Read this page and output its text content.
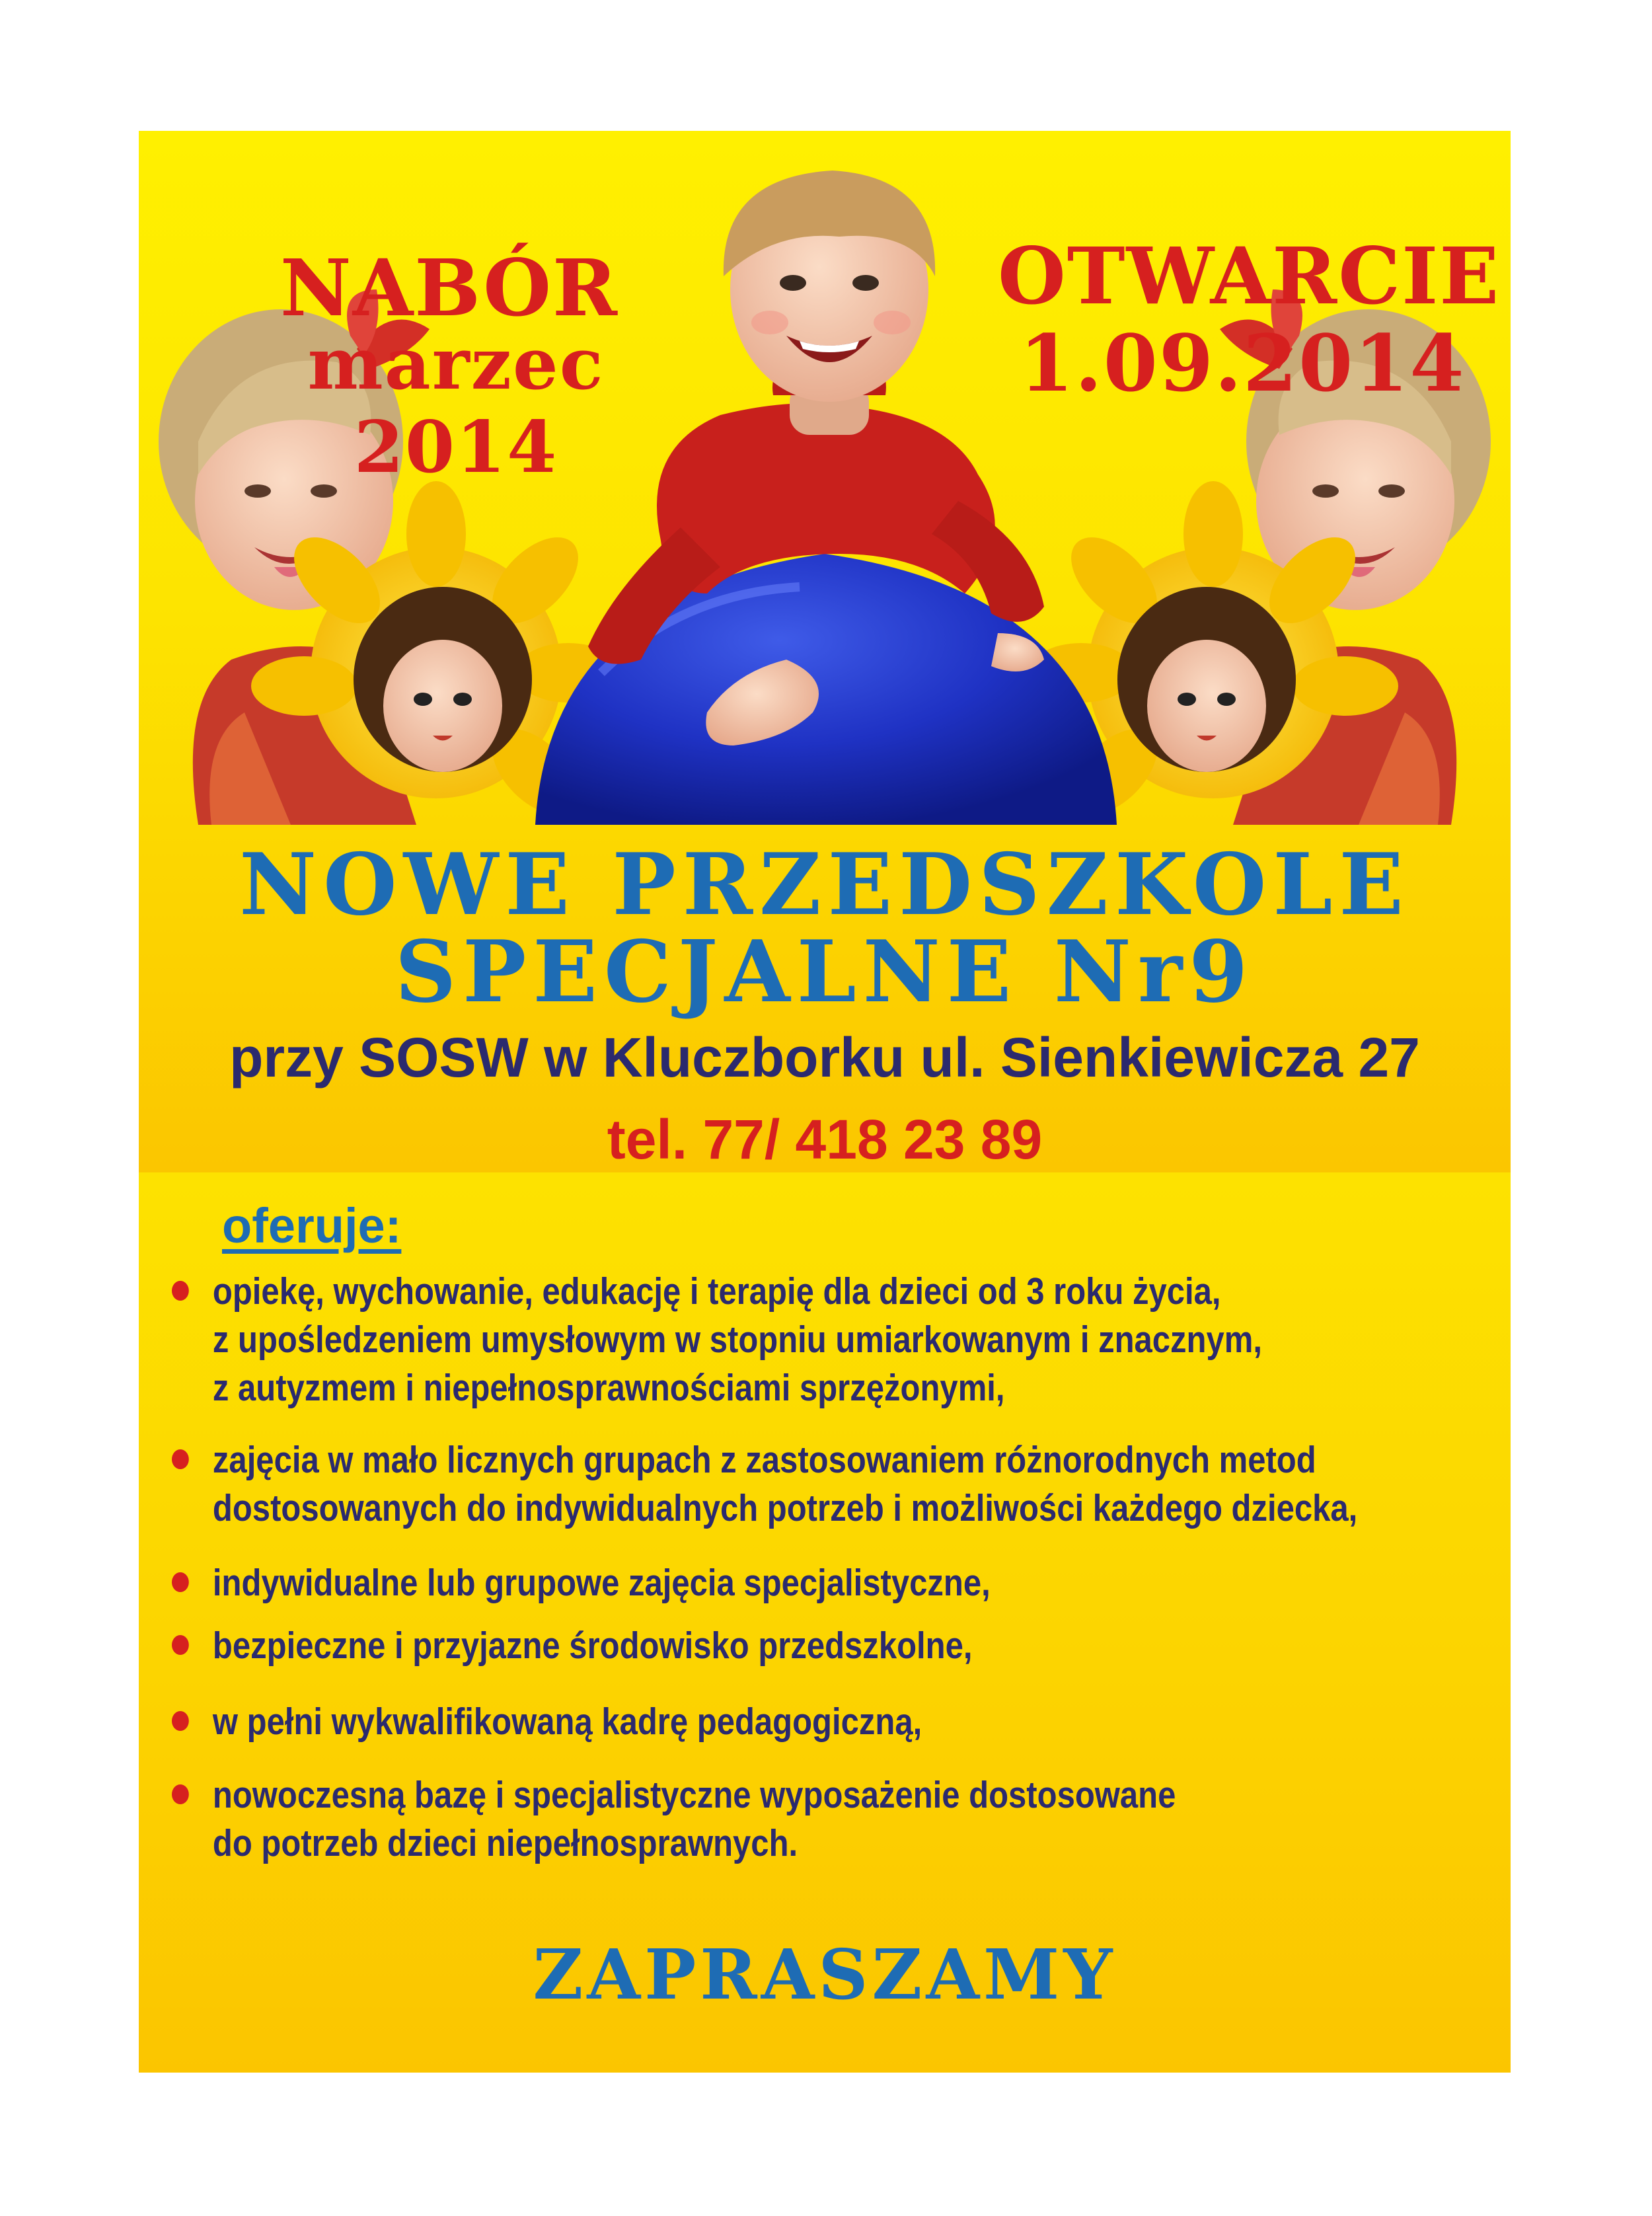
NABÓR
marzec 2014
OTWARCIE
1.09.2014
NOWE PRZEDSZKOLE
SPECJALNE Nr9
przy SOSW w Kluczborku ul. Sienkiewicza 27
tel. 77/ 418 23 89
oferuje:
opiekę, wychowanie, edukację i terapię dla dzieci od 3 roku życia,
z upośledzeniem umysłowym w stopniu umiarkowanym i znacznym,
z autyzmem i niepełnosprawnościami sprzężonymi,
zajęcia w mało licznych grupach z zastosowaniem różnorodnych metod
dostosowanych do indywidualnych potrzeb i możliwości każdego dziecka,
indywidualne lub grupowe zajęcia specjalistyczne,
bezpieczne i przyjazne środowisko przedszkolne,
w pełni wykwalifikowaną kadrę pedagogiczną,
nowoczesną bazę i specjalistyczne wyposażenie dostosowane
do potrzeb dzieci niepełnosprawnych.
ZAPRASZAMY
